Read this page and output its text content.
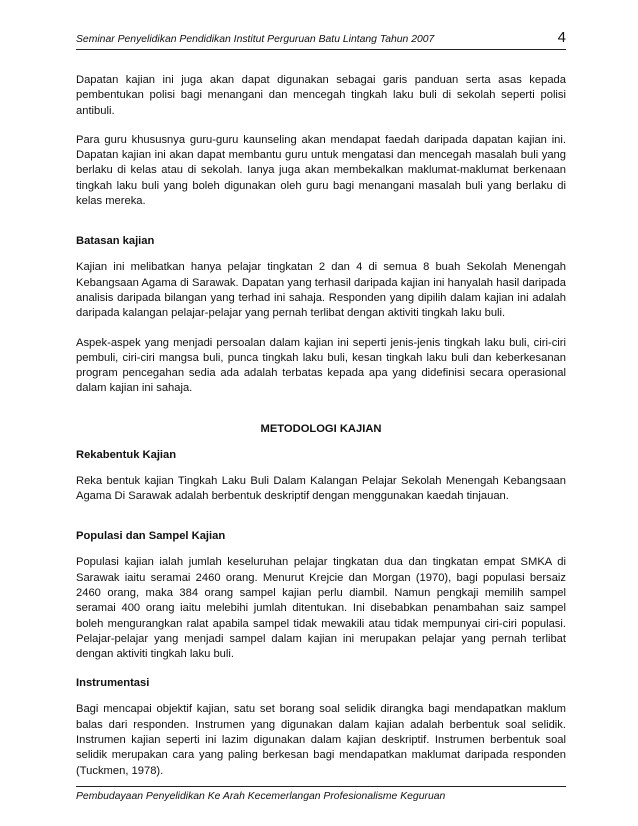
Seminar Penyelidikan Pendidikan Institut Perguruan Batu Lintang Tahun 2007	4

Dapatan kajian ini juga akan dapat digunakan sebagai garis panduan serta asas kepada pembentukan polisi bagi menangani dan mencegah tingkah laku buli di sekolah seperti polisi antibuli.

Para guru khususnya guru-guru kaunseling akan mendapat faedah daripada dapatan kajian ini. Dapatan kajian ini akan dapat membantu guru untuk mengatasi dan mencegah masalah buli yang berlaku di kelas atau di sekolah. Ianya juga akan membekalkan maklumat-maklumat berkenaan tingkah laku buli yang boleh digunakan oleh guru bagi menangani masalah buli yang berlaku di kelas mereka.

Batasan kajian

Kajian ini melibatkan hanya pelajar tingkatan 2 dan 4 di semua 8 buah Sekolah Menengah Kebangsaan Agama di Sarawak. Dapatan yang terhasil daripada kajian ini hanyalah hasil daripada analisis daripada bilangan yang terhad ini sahaja. Responden yang dipilih dalam kajian ini adalah daripada kalangan pelajar-pelajar yang pernah terlibat dengan aktiviti tingkah laku buli.

Aspek-aspek yang menjadi persoalan dalam kajian ini seperti jenis-jenis tingkah laku buli, ciri-ciri pembuli, ciri-ciri mangsa buli, punca tingkah laku buli, kesan tingkah laku buli dan keberkesanan program pencegahan sedia ada adalah terbatas kepada apa yang didefinisi secara operasional dalam kajian ini sahaja.

METODOLOGI KAJIAN
Rekabentuk Kajian

Reka bentuk kajian Tingkah Laku Buli Dalam Kalangan Pelajar Sekolah Menengah Kebangsaan Agama Di Sarawak adalah berbentuk deskriptif dengan menggunakan kaedah tinjauan.

Populasi dan Sampel Kajian

Populasi kajian ialah jumlah keseluruhan pelajar tingkatan dua dan tingkatan empat SMKA di Sarawak iaitu seramai 2460 orang. Menurut Krejcie dan Morgan (1970), bagi populasi bersaiz 2460 orang, maka 384 orang sampel kajian perlu diambil. Namun pengkaji memilih sampel seramai 400 orang iaitu melebihi jumlah ditentukan. Ini disebabkan penambahan saiz sampel boleh mengurangkan ralat apabila sampel tidak mewakili atau tidak mempunyai ciri-ciri populasi. Pelajar-pelajar yang menjadi sampel dalam kajian ini merupakan pelajar yang pernah terlibat dengan aktiviti tingkah laku buli.

Instrumentasi

Bagi mencapai objektif kajian, satu set borang soal selidik dirangka bagi mendapatkan maklum balas dari responden. Instrumen yang digunakan dalam kajian adalah berbentuk soal selidik. Instrumen kajian seperti ini lazim digunakan dalam kajian deskriptif. Instrumen berbentuk soal selidik merupakan cara yang paling berkesan bagi mendapatkan maklumat daripada responden (Tuckmen, 1978).

Pembudayaan Penyelidikan Ke Arah Kecemerlangan Profesionalisme Keguruan
